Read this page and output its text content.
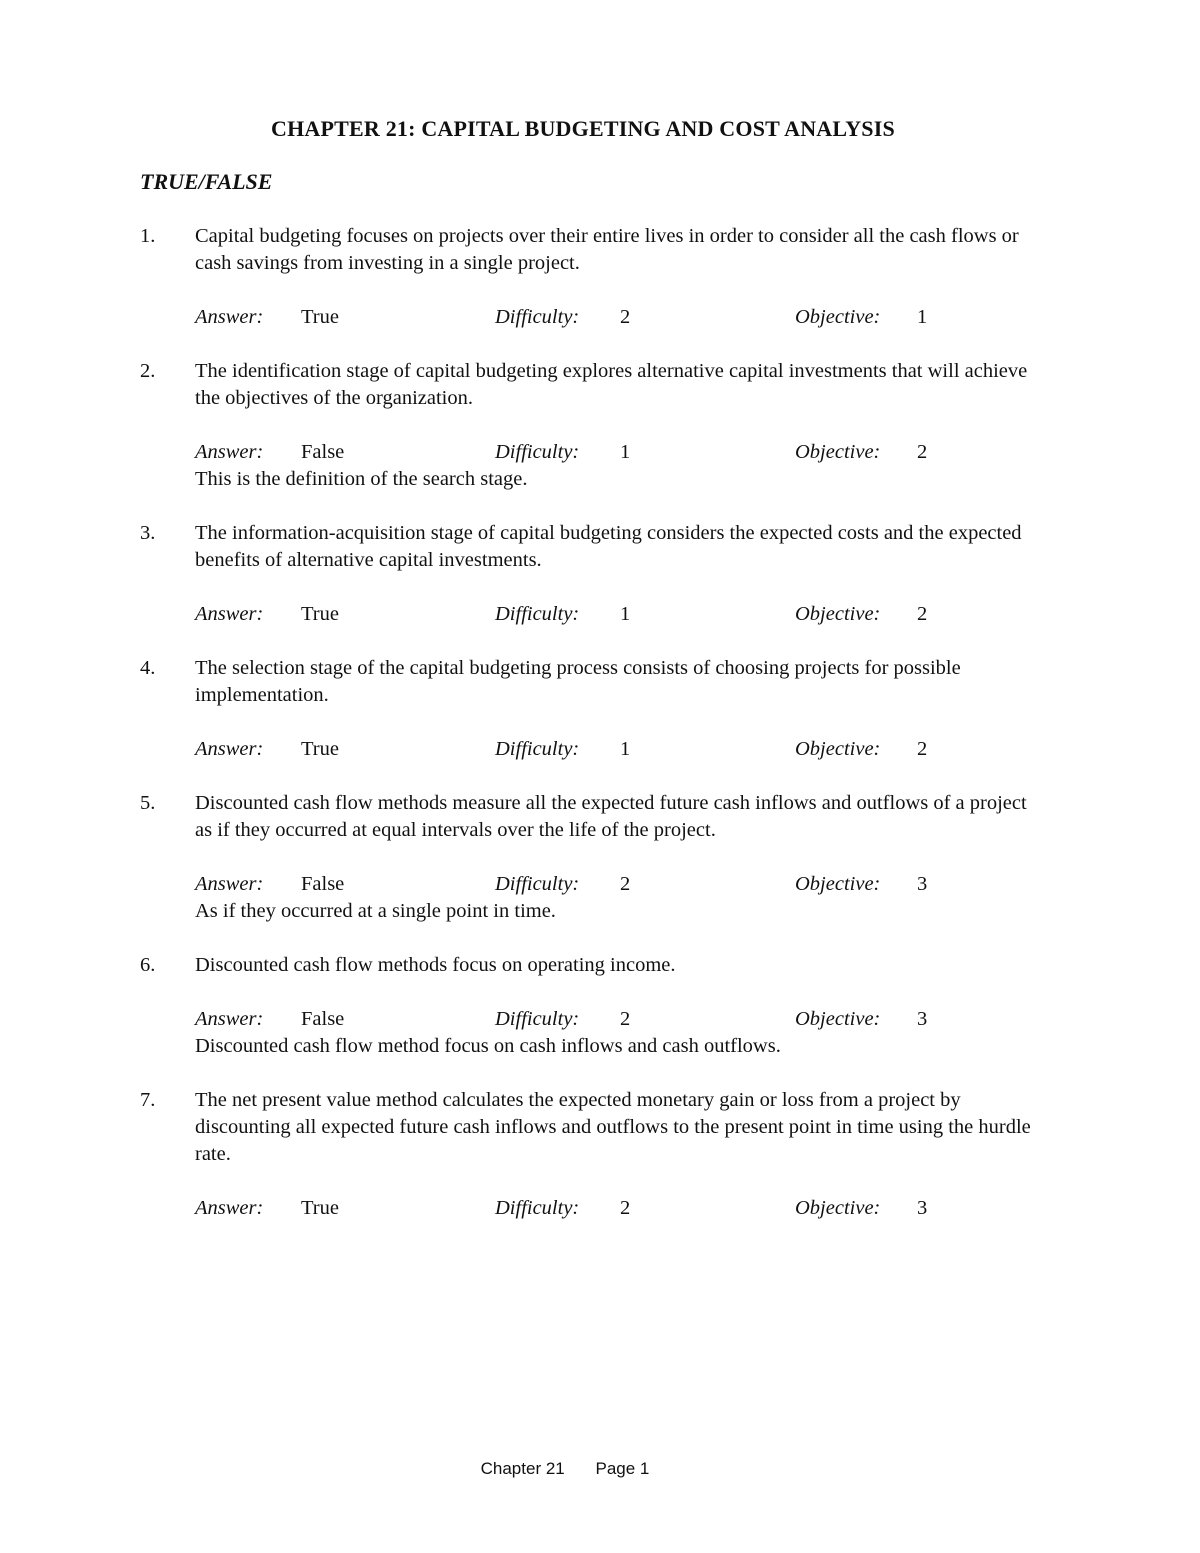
CHAPTER 21: CAPITAL BUDGETING AND COST ANALYSIS
TRUE/FALSE
1. Capital budgeting focuses on projects over their entire lives in order to consider all the cash flows or cash savings from investing in a single project.
Answer: True	Difficulty: 2	Objective: 1
2. The identification stage of capital budgeting explores alternative capital investments that will achieve the objectives of the organization.
Answer: False	Difficulty: 1	Objective: 2
This is the definition of the search stage.
3. The information-acquisition stage of capital budgeting considers the expected costs and the expected benefits of alternative capital investments.
Answer: True	Difficulty: 1	Objective: 2
4. The selection stage of the capital budgeting process consists of choosing projects for possible implementation.
Answer: True	Difficulty: 1	Objective: 2
5. Discounted cash flow methods measure all the expected future cash inflows and outflows of a project as if they occurred at equal intervals over the life of the project.
Answer: False	Difficulty: 2	Objective: 3
As if they occurred at a single point in time.
6. Discounted cash flow methods focus on operating income.
Answer: False	Difficulty: 2	Objective: 3
Discounted cash flow method focus on cash inflows and cash outflows.
7. The net present value method calculates the expected monetary gain or loss from a project by discounting all expected future cash inflows and outflows to the present point in time using the hurdle rate.
Answer: True	Difficulty: 2	Objective: 3
Chapter 21 Page 1
